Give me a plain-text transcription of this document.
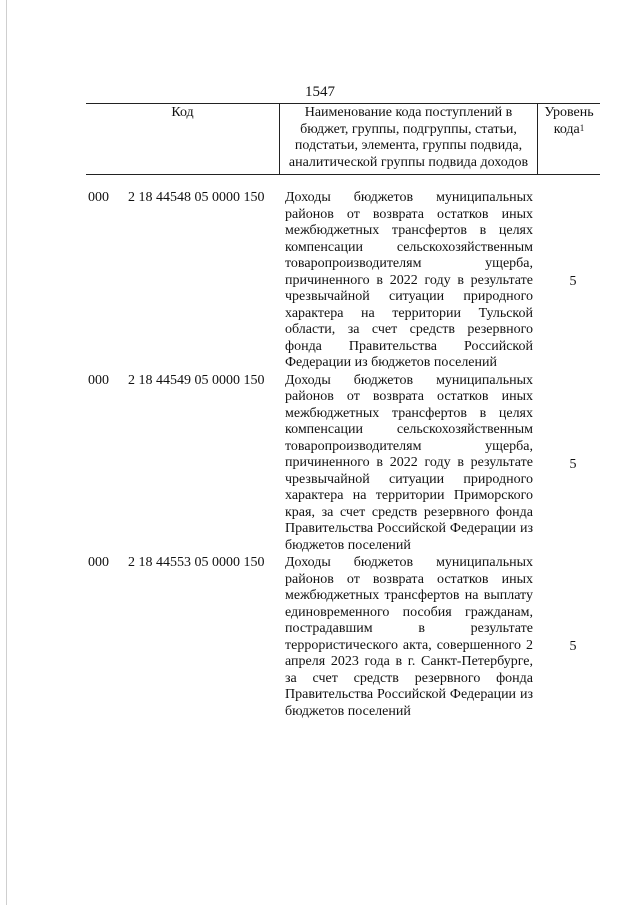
1547
Код	Наименование кода поступлений в бюджет, группы, подгруппы, статьи, подстатьи, элемента, группы подвида, аналитической группы подвида доходов
Уровень кода$^1$
000 2 18 44548 05 0000 150 Доходы бюджетов муниципальных районов от возврата остатков иных межбюджетных трансфертов в целях компенсации сельскохозяйственным товаропроизводителям ущерба, причиненного в 2022 году в результате чрезвычайной ситуации природного характера на территории Тульской области, за счет средств резервного фонда Правительства Российской Федерации из бюджетов поселений
5
000 2 18 44549 05 0000 150 Доходы бюджетов муниципальных районов от возврата остатков иных межбюджетных трансфертов в целях компенсации сельскохозяйственным товаропроизводителям ущерба, причиненного в 2022 году в результате чрезвычайной ситуации природного характера на территории Приморского края, за счет средств резервного фонда Правительства Российской Федерации из бюджетов поселений
5
000 2 18 44553 05 0000 150 Доходы бюджетов муниципальных районов от возврата остатков иных межбюджетных трансфертов на выплату единовременного пособия гражданам, пострадавшим в результате террористического акта, совершенного 2 апреля 2023 года в г. Санкт-Петербурге, за счет средств резервного фонда Правительства Российской Федерации из бюджетов поселений
5
